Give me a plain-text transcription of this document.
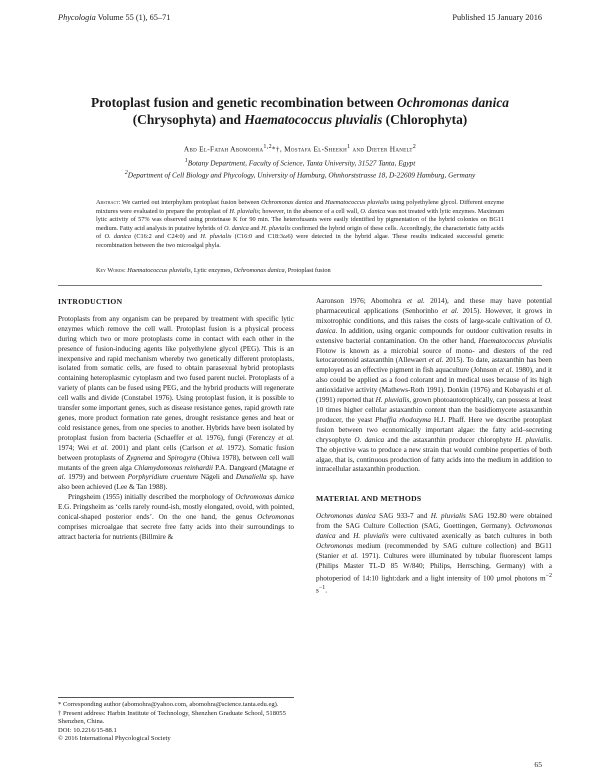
Phycologia Volume 55 (1), 65–71	Published 15 January 2016
Protoplast fusion and genetic recombination between Ochromonas danica (Chrysophyta) and Haematococcus pluvialis (Chlorophyta)
Abd El-Fatah Abomohra$^{1,2}$*†, Mostafa El-Sheekh$^1$ and Dieter Hanelt$^2$
$^1$Botany Department, Faculty of Science, Tanta University, 31527 Tanta, Egypt
$^2$Department of Cell Biology and Phycology, University of Hamburg, Ohnhorststrasse 18, D-22609 Hamburg, Germany
Abstract: We carried out interphylum protoplast fusion between Ochromonas danica and Haematococcus pluvialis using polyethylene glycol. Different enzyme mixtures were evaluated to prepare the protoplast of H. pluvialis; however, in the absence of a cell wall, O. danica was not treated with lytic enzymes. Maximum lytic activity of 57% was observed using proteinase K for 90 min. The heterofusants were easily identified by pigmentation of the hybrid colonies on BG11 medium. Fatty acid analysis in putative hybrids of O. danica and H. pluvialis confirmed the hybrid origin of these cells. Accordingly, the characteristic fatty acids of O. danica (C16:2 and C24:0) and H. pluvialis (C16:0 and C18:3ω6) were detected in the hybrid algae. These results indicated successful genetic recombination between the two microalgal phyla.
Key Words: Haematococcus pluvialis, Lytic enzymes, Ochromonas danica, Protoplast fusion
INTRODUCTION

Protoplasts from any organism can be prepared by treatment with specific lytic enzymes which remove the cell wall. Protoplast fusion is a physical process during which two or more protoplasts come in contact with each other in the presence of fusion-inducing agents like polyethylene glycol (PEG). This is an inexpensive and rapid mechanism whereby two genetically different protoplasts, isolated from somatic cells, are fused to obtain parasexual hybrid protoplasts containing heteroplasmic cytoplasm and two fused parent nuclei. Protoplasts of a variety of plants can be fused using PEG, and the hybrid products will regenerate cell walls and divide (Constabel 1976). Using protoplast fusion, it is possible to transfer some important genes, such as disease resistance genes, rapid growth rate genes, more product formation rate genes, drought resistance genes and heat or cold resistance genes, from one species to another. Hybrids have been isolated by protoplast fusion from bacteria (Schaeffer et al. 1976), fungi (Ferenczy et al. 1974; Wei et al. 2001) and plant cells (Carlson et al. 1972). Somatic fusion between protoplasts of Zygnema and Spirogyra (Ohiwa 1978), between cell wall mutants of the green alga Chlamydomonas reinhardii P.A. Dangeard (Matagne et al. 1979) and between Porphyridium cruentum Nägeli and Dunaliella sp. have also been achieved (Lee & Tan 1988).

Pringsheim (1955) initially described the morphology of Ochromonas danica E.G. Pringsheim as ‘cells rarely round-ish, mostly elongated, ovoid, with pointed, conical-shaped posterior ends’. On the one hand, the genus Ochromonas comprises microalgae that secrete free fatty acids into their surroundings to attract bacteria for nutrients (Billmire &

* Corresponding author (abomohra@yahoo.com, abomohra@science.tanta.edu.eg).

† Present address: Harbin Institute of Technology, Shenzhen Graduate School, 518055 Shenzhen, China.

DOI: 10.2216/15-88.1

© 2016 International Phycological Society

Aaronson 1976; Abomohra et al. 2014), and these may have potential pharmaceutical applications (Senhorinho et al. 2015). However, it grows in mixotrophic conditions, and this raises the costs of large-scale cultivation of O. danica. In addition, using organic compounds for outdoor cultivation results in extensive bacterial contamination. On the other hand, Haematococcus pluvialis Flotow is known as a microbial source of mono- and diesters of the red ketocarotenoid astaxanthin (Allewaert et al. 2015). To date, astaxanthin has been employed as an effective pigment in fish aquaculture (Johnson et al. 1980), and it also could be applied as a food colorant and in medical uses because of its high antioxidative activity (Mathews-Roth 1991). Donkin (1976) and Kobayashi et al. (1991) reported that H. pluvialis, grown photoautotrophically, can possess at least 10 times higher cellular astaxanthin content than the basidiomycete astaxanthin producer, the yeast Phaffia rhodozyma H.J. Phaff. Here we describe protoplast fusion between two economically important algae: the fatty acid–secreting chrysophyte O. danica and the astaxanthin producer chlorophyte H. pluvialis. The objective was to produce a new strain that would combine properties of both algae, that is, continuous production of fatty acids into the medium in addition to intracellular astaxanthin production.

MATERIAL AND METHODS

Ochromonas danica SAG 933-7 and H. pluvialis SAG 192.80 were obtained from the SAG Culture Collection (SAG, Goettingen, Germany). Ochromonas danica and H. pluvialis were cultivated axenically as batch cultures in both Ochromonas medium (recommended by SAG culture collection) and BG11 (Stanier et al. 1971). Cultures were illuminated by tubular fluorescent lamps (Philips Master TL-D 85 W/840; Philips, Herrsching, Germany) with a photoperiod of 14:10 light:dark and a light intensity of 100 µmol photons $m^{-2}$ $s^{-1}$.

65
